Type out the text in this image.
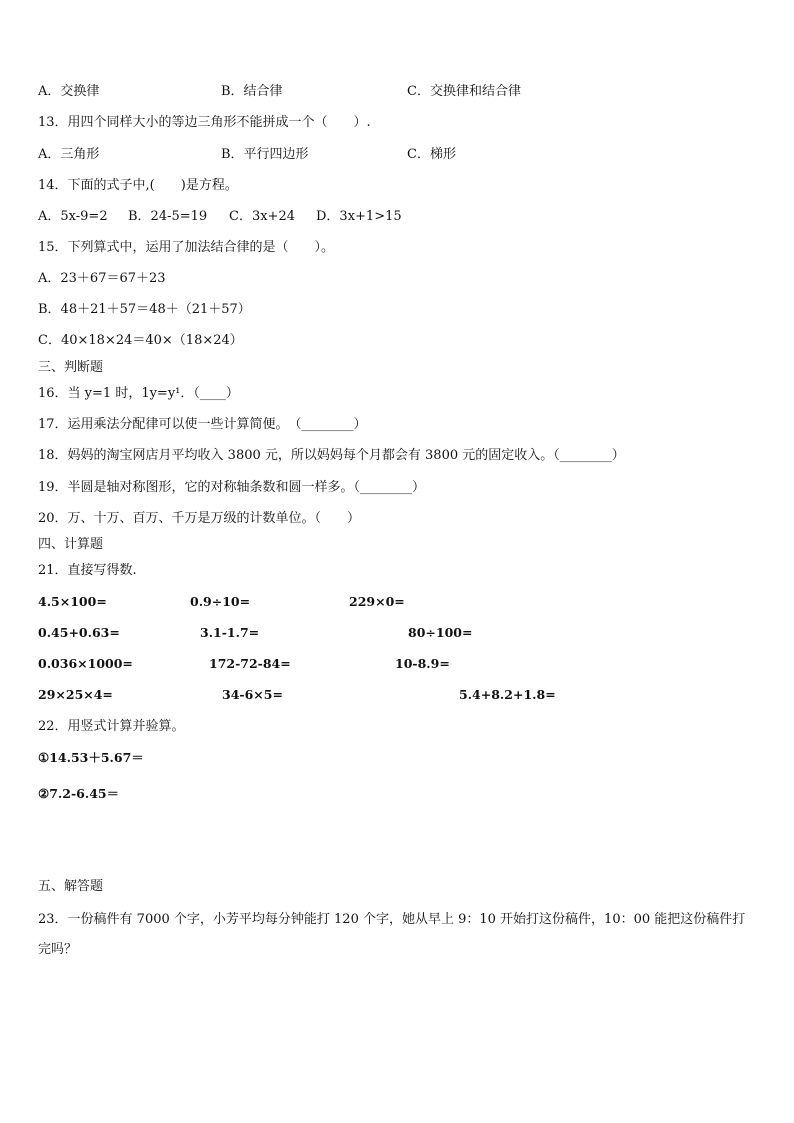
A．交换律	B．结合律	C．交换律和结合律
13．用四个同样大小的等边三角形不能拼成一个（　　）.
A．三角形	B．平行四边形	C．梯形
14．下面的式子中,(　　)是方程。
A．5x-9=2 B．24-5=19 C．3x+24 D．3x+1>15
15．下列算式中，运用了加法结合律的是（　　）。
A．23＋67＝67＋23
B．48＋21＋57＝48＋（21＋57）
C．40×18×24＝40×（18×24）
三、判断题
16．当 y=1 时，1y=y¹．（____）
17．运用乘法分配律可以使一些计算简便。　（________）
18．妈妈的淘宝网店月平均收入 3800 元，所以妈妈每个月都会有 3800 元的固定收入。（________）
19．半圆是轴对称图形，它的对称轴条数和圆一样多。（________）
20．万、十万、百万、千万是万级的计数单位。（　　）
四、计算题
21．直接写得数.
4.5×100=	0.9÷10=	229×0=
0.45+0.63=	3.1-1.7=	80÷100=
0.036×1000=	172-72-84=	10-8.9=
29×25×4=	34-6×5=	5.4+8.2+1.8=
22．用竖式计算并验算。
①14.53＋5.67＝
②7.2-6.45＝
五、解答题
23．一份稿件有 7000 个字，小芳平均每分钟能打 120 个字，她从早上 9：10 开始打这份稿件，10：00 能把这份稿件打完吗？
